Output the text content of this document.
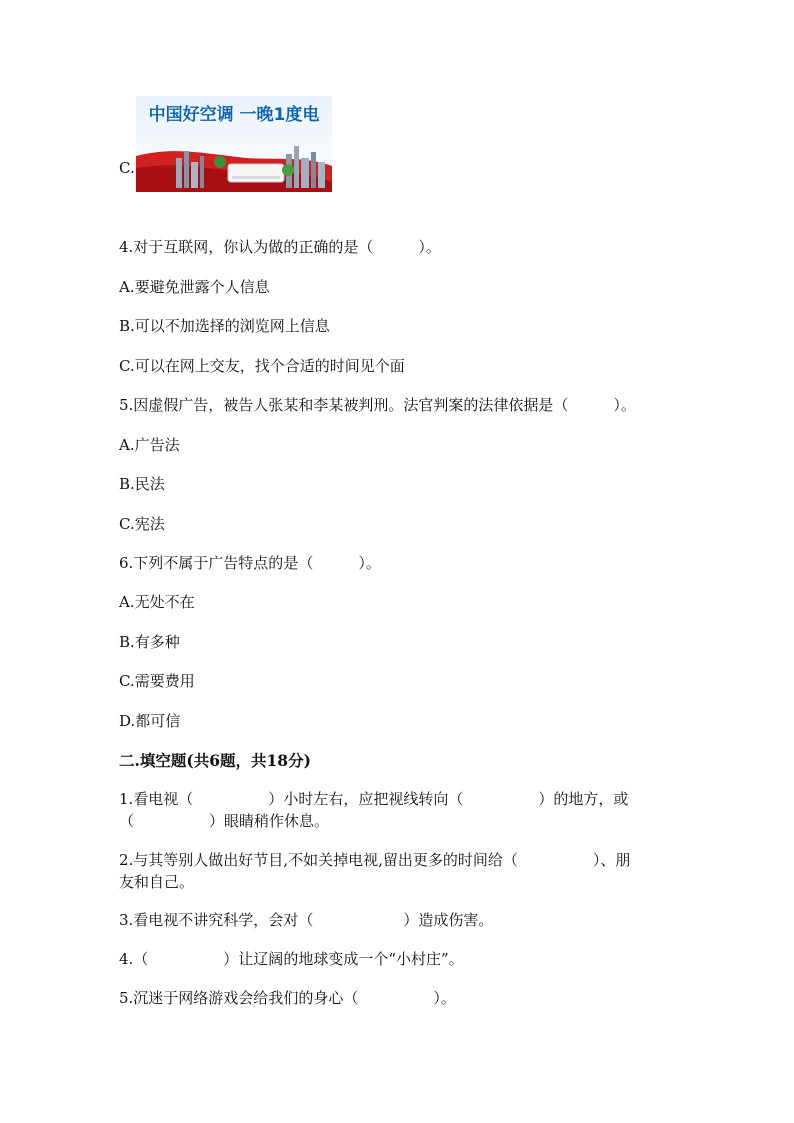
C.
中国好空调 一晚1度电
4.对于互联网，你认为做的正确的是（　　　）。
A.要避免泄露个人信息
B.可以不加选择的浏览网上信息
C.可以在网上交友，找个合适的时间见个面
5.因虚假广告，被告人张某和李某被判刑。法官判案的法律依据是（　　　）。
A.广告法
B.民法
C.宪法
6.下列不属于广告特点的是（　　　）。
A.无处不在
B.有多种
C.需要费用
D.都可信
二.填空题(共6题，共18分)
1.看电视（　　　　　）小时左右，应把视线转向（　　　　　）的地方，或
（　　　　　）眼睛稍作休息。
2.与其等别人做出好节目,不如关掉电视,留出更多的时间给（　　　　　）、朋
友和自己。
3.看电视不讲究科学，会对（　　　　　　）造成伤害。
4.（　　　　　）让辽阔的地球变成一个“小村庄”。
5.沉迷于网络游戏会给我们的身心（　　　　　）。
